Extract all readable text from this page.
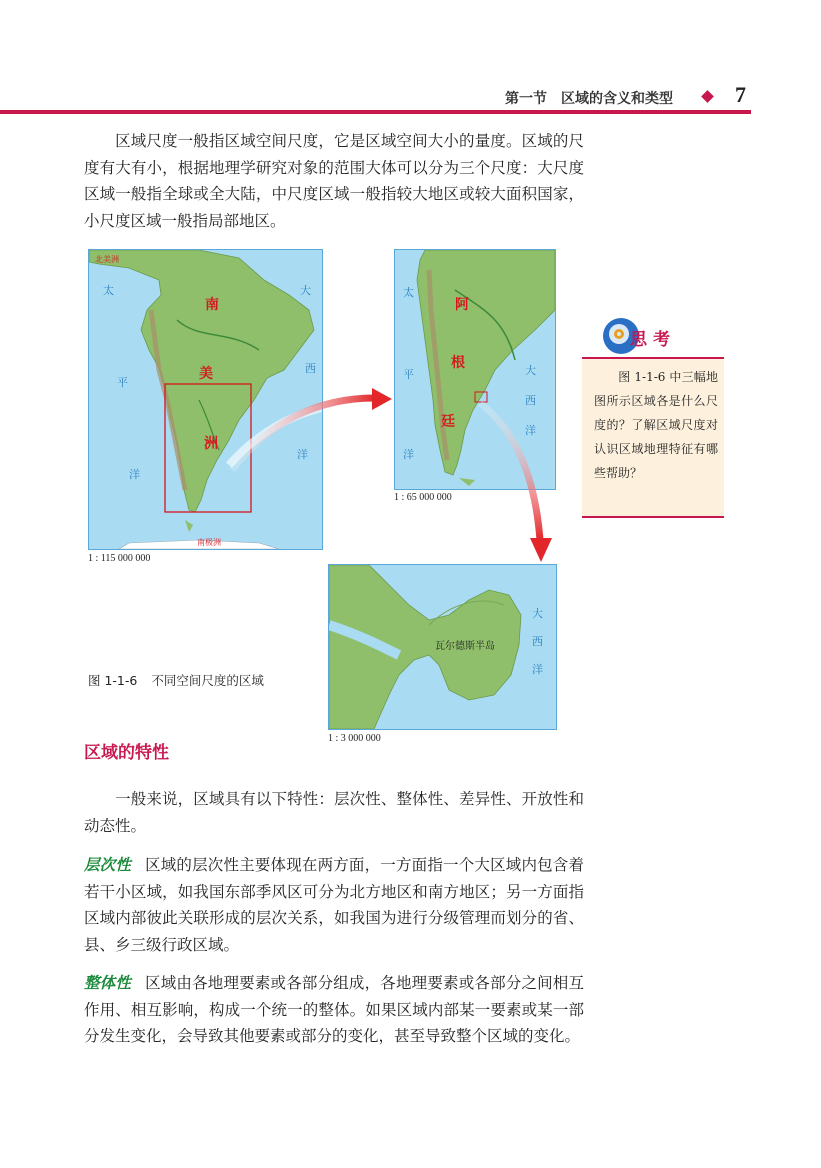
第一节 区域的含义和类型	7

区域尺度一般指区域空间尺度，它是区域空间大小的量度。区域的尺度有大有小，根据地理学研究对象的范围大体可以分为三个尺度：大尺度区域一般指全球或全大陆，中尺度区域一般指较大地区或较大面积国家，小尺度区域一般指局部地区。

北美洲
南极洲
南
美
洲
太
平
洋
大
西
洋
1 : 115 000 000
阿
根
廷
太
平
洋
大
西
洋
1 : 65 000 000
瓦尔德斯半岛
大
西
洋
1 : 3 000 000
图 1-1-6 不同空间尺度的区域
思考

图 1-1-6 中三幅地图所示区域各是什么尺度的？了解区域尺度对认识区域地理特征有哪些帮助？

区域的特性

一般来说，区域具有以下特性：层次性、整体性、差异性、开放性和动态性。

层次性 区域的层次性主要体现在两方面，一方面指一个大区域内包含着若干小区域，如我国东部季风区可分为北方地区和南方地区；另一方面指区域内部彼此关联形成的层次关系，如我国为进行分级管理而划分的省、县、乡三级行政区域。

整体性 区域由各地理要素或各部分组成，各地理要素或各部分之间相互作用、相互影响，构成一个统一的整体。如果区域内部某一要素或某一部分发生变化，会导致其他要素或部分的变化，甚至导致整个区域的变化。
